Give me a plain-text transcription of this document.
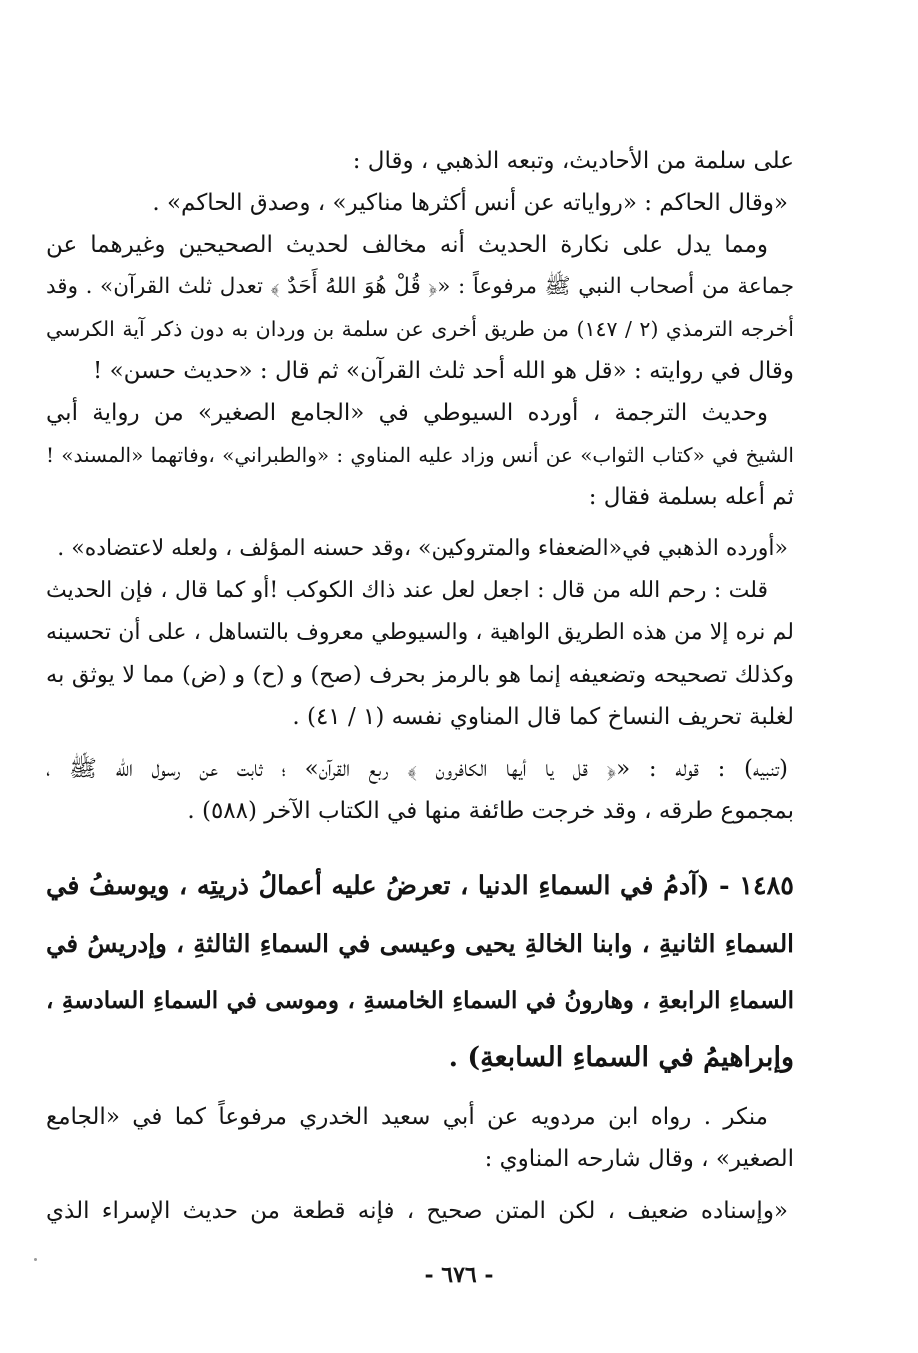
على سلمة من الأحاديث، وتبعه الذهبي ، وقال :
«وقال الحاكم : «رواياته عن أنس أكثرها مناكير» ، وصدق الحاكم» .
ومما يدل على نكارة الحديث أنه مخالف لحديث الصحيحين وغيرهما عن
جماعة من أصحاب النبي ﷺ مرفوعاً : «﴿ قُلْ هُوَ اللهُ أَحَدٌ ﴾ تعدل ثلث القرآن» . وقد
أخرجه الترمذي (٢ / ١٤٧) من طريق أخرى عن سلمة بن وردان به دون ذكر آية الكرسي
وقال في روايته : «قل هو الله أحد ثلث القرآن» ثم قال : «حديث حسن» !
وحديث الترجمة ، أورده السيوطي في «الجامع الصغير» من رواية أبي
الشيخ في «كتاب الثواب» عن أنس وزاد عليه المناوي : «والطبراني» ،وفاتهما «المسند» !
ثم أعله بسلمة فقال :
«أورده الذهبي في«الضعفاء والمتروكين» ،وقد حسنه المؤلف ، ولعله لاعتضاده» .
قلت : رحم الله من قال : اجعل لعل عند ذاك الكوكب !أو كما قال ، فإن الحديث
لم نره إلا من هذه الطريق الواهية ، والسيوطي معروف بالتساهل ، على أن تحسينه
وكذلك تصحيحه وتضعيفه إنما هو بالرمز بحرف (صح) و (ح) و (ض) مما لا يوثق به
لغلبة تحريف النساخ كما قال المناوي نفسه (١ / ٤١) .
(تنبيه) : قوله : «﴿ قل يا أيها الكافرون ﴾ ربع القرآن» ؛ ثابت عن رسول الله ﷺ ،
بمجموع طرقه ، وقد خرجت طائفة منها في الكتاب الآخر (٥٨٨) .
١٤٨٥ - (آدمُ في السماءِ الدنيا ، تعرضُ عليه أعمالُ ذريتِه ، ويوسفُ في
السماءِ الثانيةِ ، وابنا الخالةِ يحيى وعيسى في السماءِ الثالثةِ ، وإدريسُ في
السماءِ الرابعةِ ، وهارونُ في السماءِ الخامسةِ ، وموسى في السماءِ السادسةِ ،
وإبراهيمُ في السماءِ السابعةِ) .
منكر . رواه ابن مردويه عن أبي سعيد الخدري مرفوعاً كما في «الجامع
الصغير» ، وقال شارحه المناوي :
«وإسناده ضعيف ، لكن المتن صحيح ، فإنه قطعة من حديث الإسراء الذي
- ٦٧٦ -
